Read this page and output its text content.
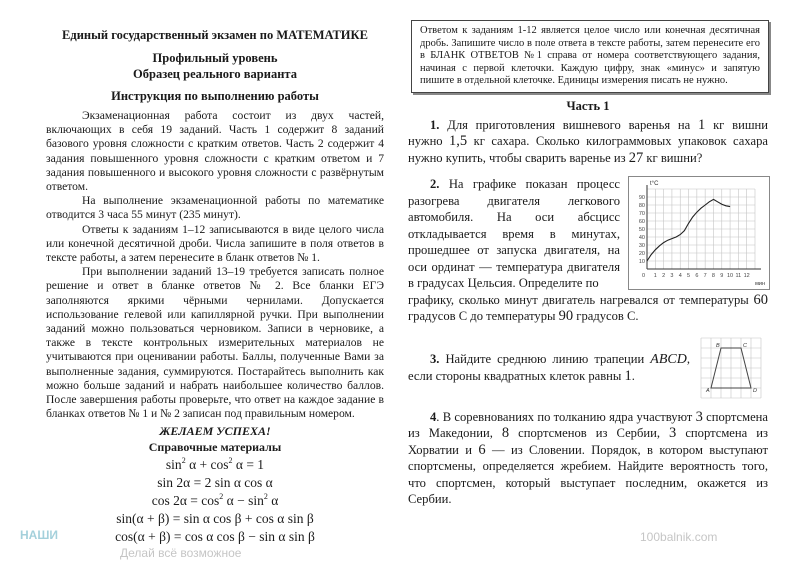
НАШИ	100balnik.com
Делай всё возможное
Единый государственный экзамен по МАТЕМАТИКЕ
Профильный уровень
Образец реального варианта
Инструкция по выполнению работы

Экзаменационная работа состоит из двух частей, включающих в себя 19 заданий. Часть 1 содержит 8 заданий базового уровня сложности с кратким ответов. Часть 2 содержит 4 задания повышенного уровня сложности с кратким ответом и 7 задания повышенного и высокого уровня сложности с развёрнутым ответом.

На выполнение экзаменационной работы по математике отводится 3 часа 55 минут (235 минут).

Ответы к заданиям 1–12 записываются в виде целого числа или конечной десятичной дроби. Числа запишите в поля ответов в тексте работы, а затем перенесите в бланк ответов № 1.

При выполнении заданий 13–19 требуется записать полное решение и ответ в бланке ответов № 2. Все бланки ЕГЭ заполняются яркими чёрными чернилами. Допускается использование гелевой или капиллярной ручки. При выполнении заданий можно пользоваться черновиком. Записи в черновике, а также в тексте контрольных измерительных материалов не учитываются при оценивании работы. Баллы, полученные Вами за выполненные задания, суммируются. Постарайтесь выполнить как можно больше заданий и набрать наибольшее количество баллов. После завершения работы проверьте, что ответ на каждое задание в бланках ответов № 1 и № 2 записан под правильным номером.

ЖЕЛАЕМ УСПЕХА!
Справочные материалы
$\sin^2 \alpha + \cos^2 \alpha = 1$
sin 2α = 2 sin α cos α
$\cos 2\alpha = \cos^2 \alpha - \sin^2 \alpha$
sin(α + β) = sin α cos β + cos α sin β
cos(α + β) = cos α cos β − sin α sin β
Ответом к заданиям 1-12 является целое число или конечная десятичная дробь. Запишите число в поле ответа в тексте работы, затем перенесите его в БЛАНК ОТВЕТОВ №1 справа от номера соответствующего задания, начиная с первой клеточки. Каждую цифру, знак «минус» и запятую пишите в отдельной клеточке. Единицы измерения писать не нужно.
Часть 1

1. Для приготовления вишневого варенья на 1 кг вишни нужно 1,5 кг сахара. Сколько килограммовых упаковок сахара нужно купить, чтобы сварить варенье из 27 кг вишни?

2. На графике показан процесс разогрева двигателя легкового автомобиля. На оси абсцисс откладывается время в минутах, прошедшее от запуска двигателя, на оси ординат — температура двигателя в градусах Цельсия. Определите по	1 2 3 4 5 6 7 8 9 10 11 12
10
20
30
40
50
60
70
80
90
0
t°C
мин

графику, сколько минут двигатель нагревался от температуры 60 градусов C до температуры 90 градусов C.

3. Найдите среднюю линию трапеции ABCD, если стороны квадратных клеток равны 1.

A
B	C
D

4. В соревнованиях по толканию ядра участвуют 3 спортсмена из Македонии, 8 спортсменов из Сербии, 3 спортсмена из Хорватии и 6 — из Словении. Порядок, в котором выступают спортсмены, определяется жребием. Найдите вероятность того, что спортсмен, который выступает последним, окажется из Сербии.
